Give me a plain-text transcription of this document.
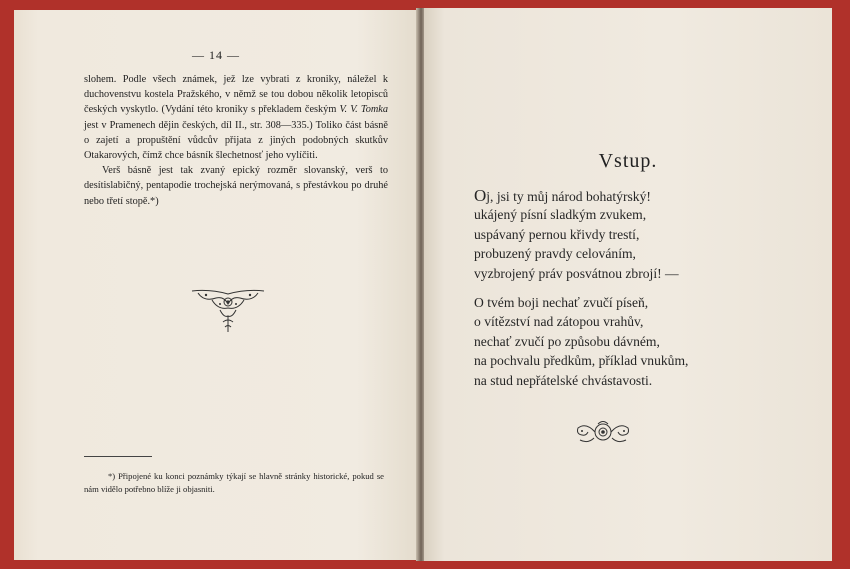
— 14 —

slohem. Podle všech známek, jež lze vybrati z kroniky, náležel k duchovenstvu kostela Pražského, v němž se tou dobou několik letopisců českých vyskytlo. (Vydání této kroniky s překladem českým V. V. Tomka jest v Pramenech dějin českých, díl II., str. 308—335.) Toliko část básně o zajetí a propuštění vůdcův přijata z jiných podobných skutkův Otakarových, čímž chce básník šlechetnosť jeho vylíčiti.

Verš básně jest tak zvaný epický rozměr slovanský, verš to desítislabičný, pentapodie trochejská nerýmovaná, s přestávkou po druhé nebo třetí stopě.*)

*) Připojené ku konci poznámky týkají se hlavně stránky historické, pokud se nám vidělo potřebno blíže ji objasniti.

Vstup.
Oj, jsi ty můj národ bohatýrský!
ukájený písní sladkým zvukem,
uspávaný pernou křivdy trestí,
probuzený pravdy celováním,
vyzbrojený práv posvátnou zbrojí! —
O tvém boji nechať zvučí píseň,
o vítězství nad zátopou vrahův,
nechať zvučí po způsobu dávném,
na pochvalu předkům, příklad vnukům,
na stud nepřátelské chvástavosti.
